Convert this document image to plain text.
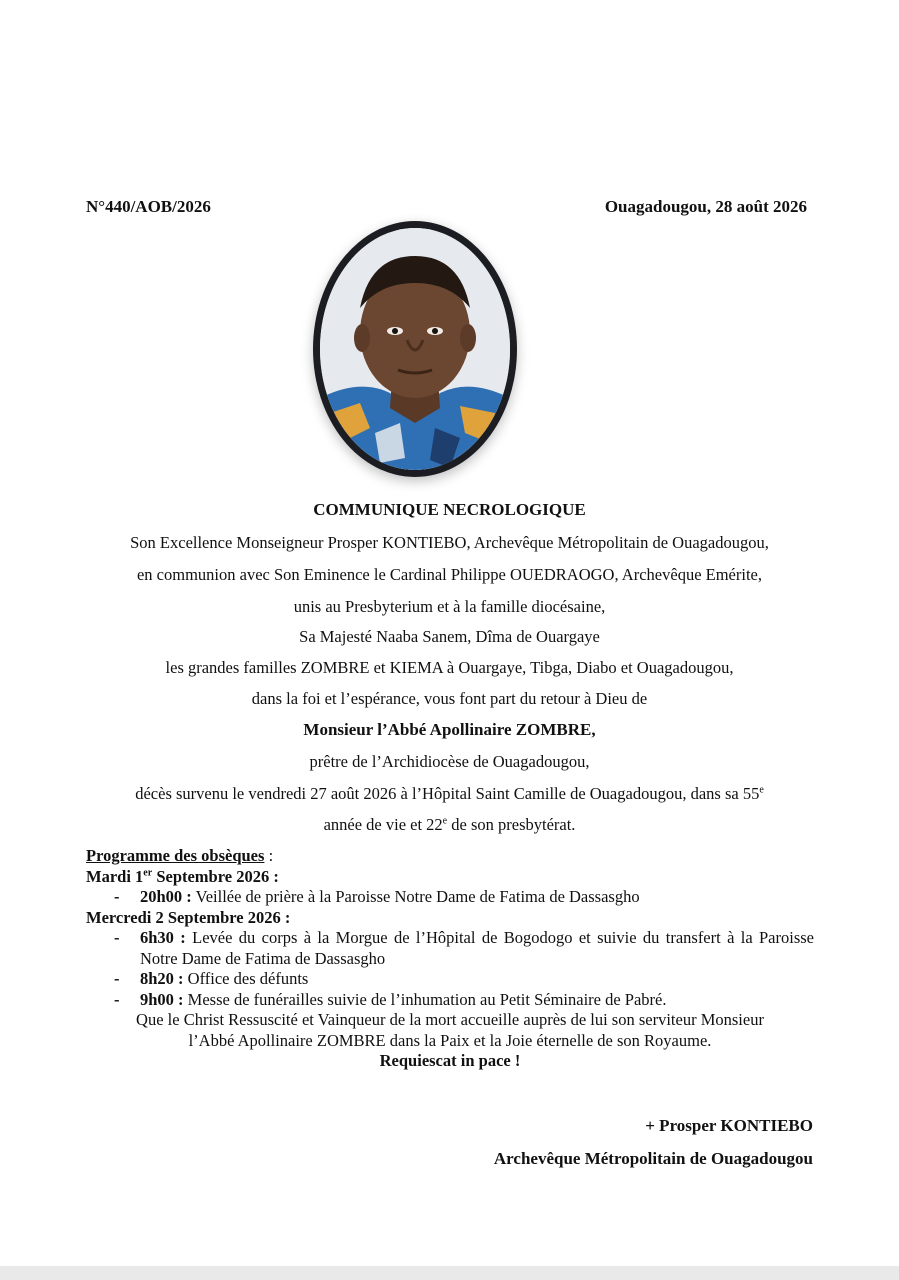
N°440/AOB/2026	Ouagadougou, 28 août 2026
COMMUNIQUE NECROLOGIQUE
Son Excellence Monseigneur Prosper KONTIEBO, Archevêque Métropolitain de Ouagadougou,
en communion avec Son Eminence le Cardinal Philippe OUEDRAOGO, Archevêque Emérite,
unis au Presbyterium et à la famille diocésaine,
Sa Majesté Naaba Sanem, Dîma de Ouargaye
les grandes familles ZOMBRE et KIEMA à Ouargaye, Tibga, Diabo et Ouagadougou,
dans la foi et l’espérance, vous font part du retour à Dieu de
Monsieur l’Abbé Apollinaire ZOMBRE,
prêtre de l’Archidiocèse de Ouagadougou,
décès survenu le vendredi 27 août 2026 à l’Hôpital Saint Camille de Ouagadougou, dans sa 55e
année de vie et 22e de son presbytérat.
Programme des obsèques :
Mardi 1er Septembre 2026 :
- 20h00 : Veillée de prière à la Paroisse Notre Dame de Fatima de Dassasgho
Mercredi 2 Septembre 2026 :
- 6h30 : Levée du corps à la Morgue de l’Hôpital de Bogodogo et suivie du transfert à la Paroisse Notre Dame de Fatima de Dassasgho
- 8h20 : Office des défunts
- 9h00 : Messe de funérailles suivie de l’inhumation au Petit Séminaire de Pabré.
Que le Christ Ressuscité et Vainqueur de la mort accueille auprès de lui son serviteur Monsieur
l’Abbé Apollinaire ZOMBRE dans la Paix et la Joie éternelle de son Royaume.
Requiescat in pace !
+ Prosper KONTIEBO
Archevêque Métropolitain de Ouagadougou
